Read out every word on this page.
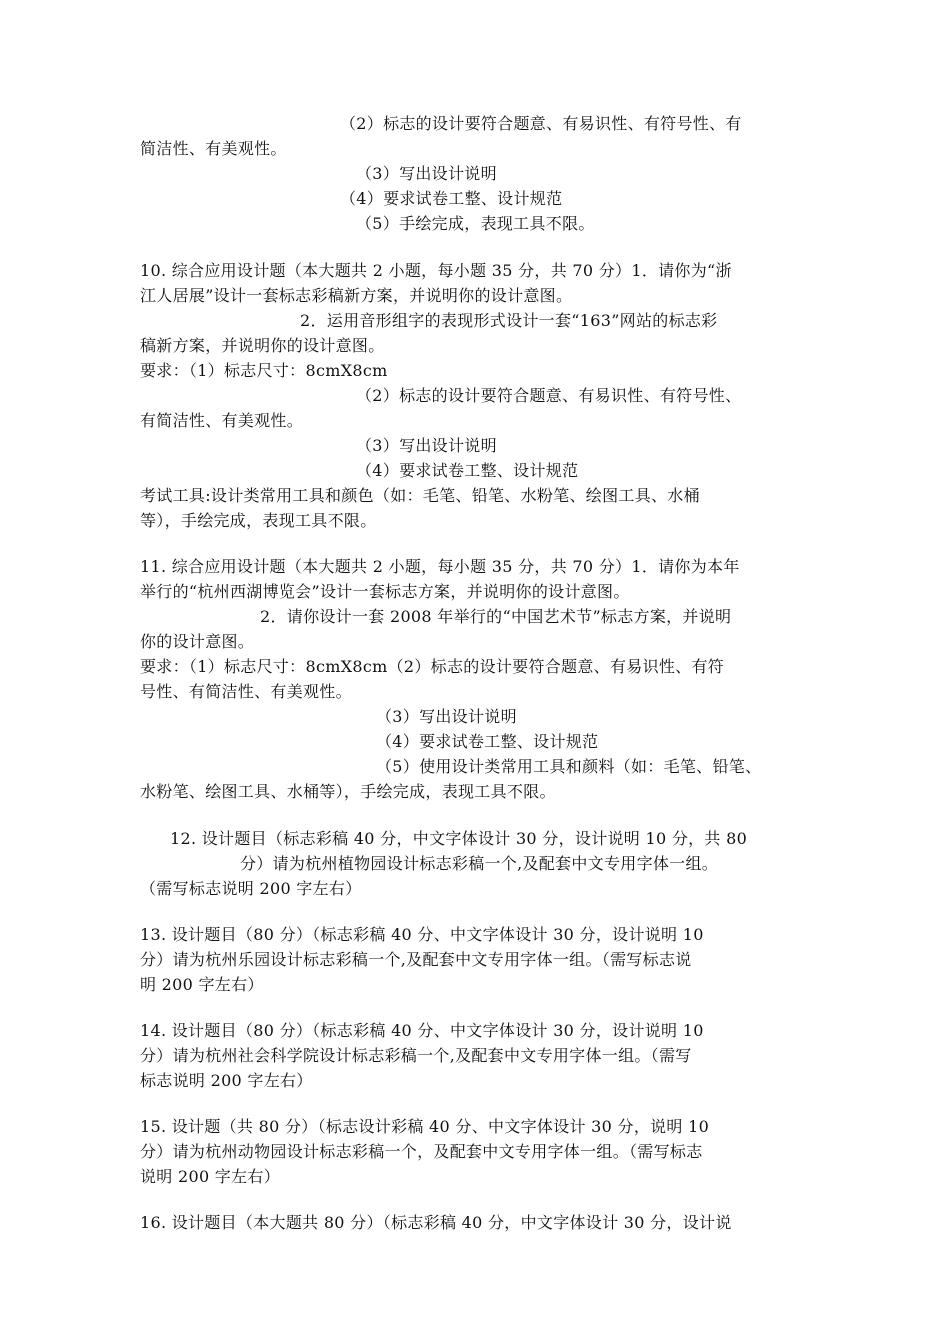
（2）标志的设计要符合题意、有易识性、有符号性、有
简洁性、有美观性。
（3）写出设计说明
（4）要求试卷工整、设计规范
（5）手绘完成，表现工具不限。
10. 综合应用设计题（本大题共 2 小题，每小题 35 分，共 70 分）1．请你为“浙
江人居展”设计一套标志彩稿新方案，并说明你的设计意图。
2．运用音形组字的表现形式设计一套“163”网站的标志彩
稿新方案，并说明你的设计意图。
要求：（1）标志尺寸：8cmX8cm
（2）标志的设计要符合题意、有易识性、有符号性、
有简洁性、有美观性。
（3）写出设计说明
（4）要求试卷工整、设计规范
考试工具:设计类常用工具和颜色（如：毛笔、铅笔、水粉笔、绘图工具、水桶
等），手绘完成，表现工具不限。
11. 综合应用设计题（本大题共 2 小题，每小题 35 分，共 70 分）1．请你为本年
举行的“杭州西湖博览会”设计一套标志方案，并说明你的设计意图。
2．请你设计一套 2008 年举行的“中国艺术节”标志方案，并说明
你的设计意图。
要求：（1）标志尺寸：8cmX8cm（2）标志的设计要符合题意、有易识性、有符
号性、有简洁性、有美观性。
（3）写出设计说明
（4）要求试卷工整、设计规范
（5）使用设计类常用工具和颜料（如：毛笔、铅笔、
水粉笔、绘图工具、水桶等），手绘完成，表现工具不限。
12. 设计题目（标志彩稿 40 分，中文字体设计 30 分，设计说明 10 分，共 80
分）请为杭州植物园设计标志彩稿一个,及配套中文专用字体一组。
（需写标志说明 200 字左右）
13. 设计题目（80 分）（标志彩稿 40 分、中文字体设计 30 分，设计说明 10
分）请为杭州乐园设计标志彩稿一个,及配套中文专用字体一组。（需写标志说
明 200 字左右）
14. 设计题目（80 分）（标志彩稿 40 分、中文字体设计 30 分，设计说明 10
分）请为杭州社会科学院设计标志彩稿一个,及配套中文专用字体一组。（需写
标志说明 200 字左右）
15. 设计题（共 80 分）（标志设计彩稿 40 分、中文字体设计 30 分，说明 10
分）请为杭州动物园设计标志彩稿一个，及配套中文专用字体一组。（需写标志
说明 200 字左右）
16. 设计题目（本大题共 80 分）（标志彩稿 40 分，中文字体设计 30 分，设计说
